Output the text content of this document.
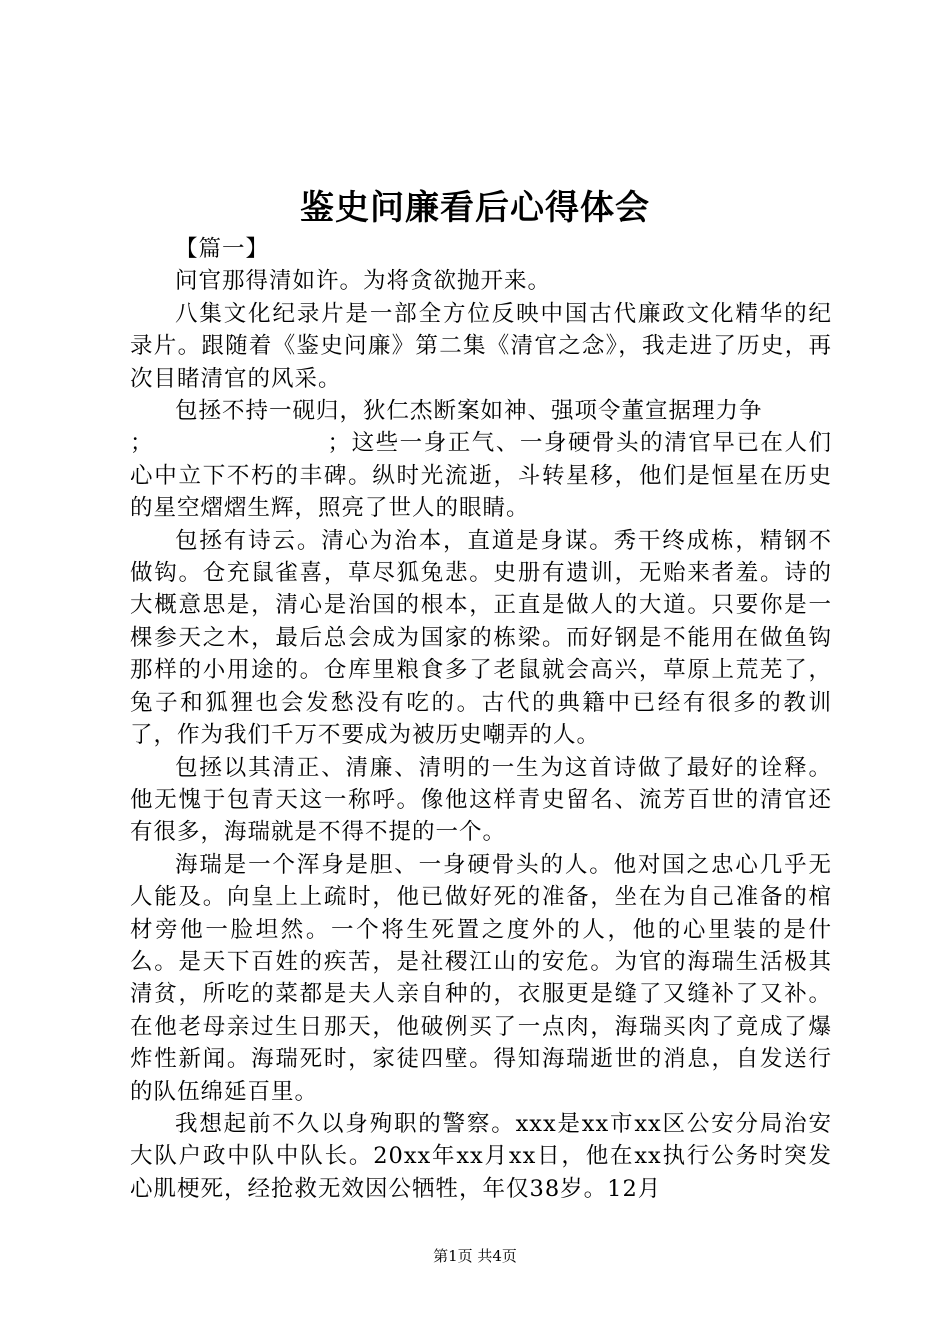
鉴史问廉看后心得体会

【篇一】

问官那得清如许。为将贪欲抛开来。

八集文化纪录片是一部全方位反映中国古代廉政文化精华的纪录片。跟随着《鉴史问廉》第二集《清官之念》，我走进了历史，再次目睹清官的风采。

包拯不持一砚归，狄仁杰断案如神、强项令董宣据理力争

；                    ；这些一身正气、一身硬骨头的清官早已在人们心中立下不朽的丰碑。纵时光流逝，斗转星移，他们是恒星在历史的星空熠熠生辉，照亮了世人的眼睛。

包拯有诗云。清心为治本，直道是身谋。秀干终成栋，精钢不做钩。仓充鼠雀喜，草尽狐兔悲。史册有遗训，无贻来者羞。诗的大概意思是，清心是治国的根本，正直是做人的大道。只要你是一棵参天之木，最后总会成为国家的栋梁。而好钢是不能用在做鱼钩那样的小用途的。仓库里粮食多了老鼠就会高兴，草原上荒芜了，兔子和狐狸也会发愁没有吃的。古代的典籍中已经有很多的教训了，作为我们千万不要成为被历史嘲弄的人。

包拯以其清正、清廉、清明的一生为这首诗做了最好的诠释。他无愧于包青天这一称呼。像他这样青史留名、流芳百世的清官还有很多，海瑞就是不得不提的一个。

海瑞是一个浑身是胆、一身硬骨头的人。他对国之忠心几乎无人能及。向皇上上疏时，他已做好死的准备，坐在为自己准备的棺材旁他一脸坦然。一个将生死置之度外的人，他的心里装的是什么。是天下百姓的疾苦，是社稷江山的安危。为官的海瑞生活极其清贫，所吃的菜都是夫人亲自种的，衣服更是缝了又缝补了又补。在他老母亲过生日那天，他破例买了一点肉，海瑞买肉了竟成了爆炸性新闻。海瑞死时，家徒四壁。得知海瑞逝世的消息，自发送行的队伍绵延百里。

我想起前不久以身殉职的警察。xxx是xx市xx区公安分局治安大队户政中队中队长。20xx年xx月xx日，他在xx执行公务时突发心肌梗死，经抢救无效因公牺牲，年仅38岁。12月

第1页 共4页
